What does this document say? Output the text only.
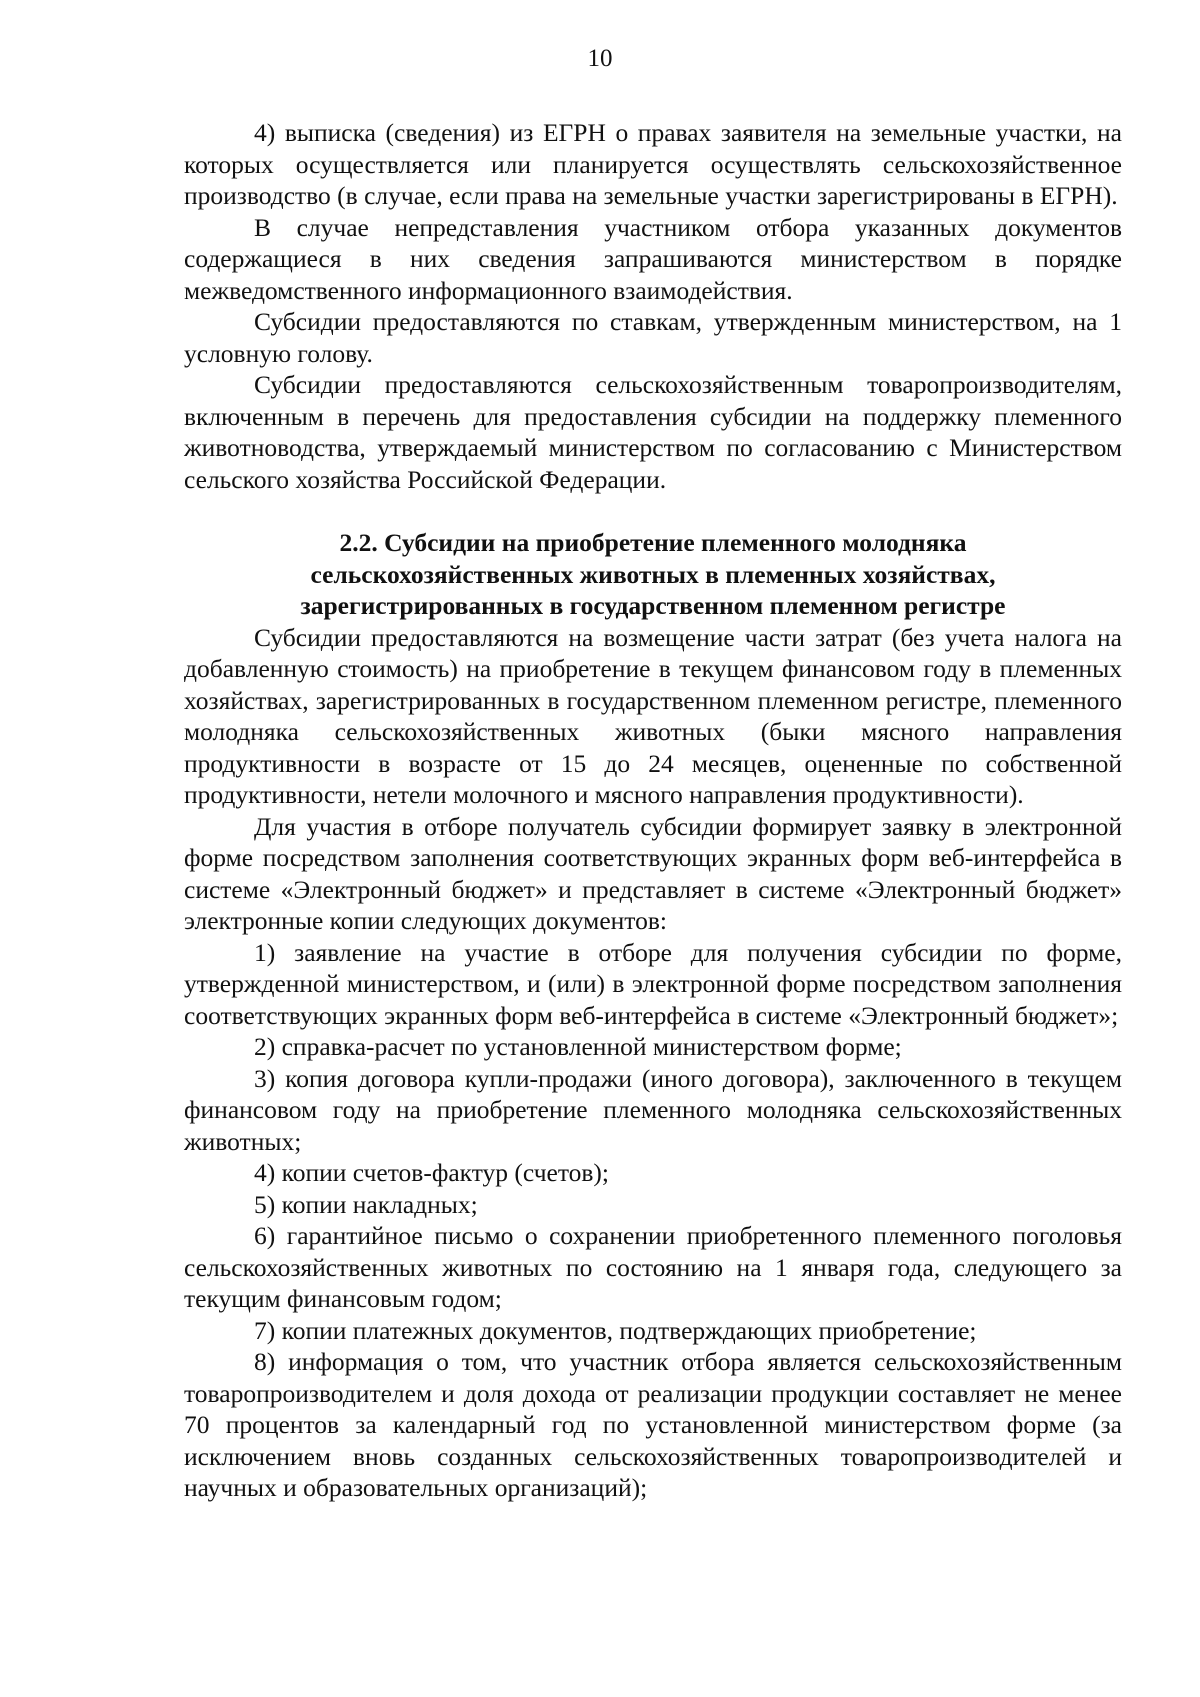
10

4) выписка (сведения) из ЕГРН о правах заявителя на земельные участки, на которых осуществляется или планируется осуществлять сельскохозяйственное производство (в случае, если права на земельные участки зарегистрированы в ЕГРН).

В случае непредставления участником отбора указанных документов содержащиеся в них сведения запрашиваются министерством в порядке межведомственного информационного взаимодействия.

Субсидии предоставляются по ставкам, утвержденным министерством, на 1 условную голову.

Субсидии предоставляются сельскохозяйственным товаропроизводителям, включенным в перечень для предоставления субсидии на поддержку племенного животноводства, утверждаемый министерством по согласованию с Министерством сельского хозяйства Российской Федерации.

2.2. Субсидии на приобретение племенного молодняка
сельскохозяйственных животных в племенных хозяйствах,
зарегистрированных в государственном племенном регистре

Субсидии предоставляются на возмещение части затрат (без учета налога на добавленную стоимость) на приобретение в текущем финансовом году в племенных хозяйствах, зарегистрированных в государственном племенном регистре, племенного молодняка сельскохозяйственных животных (быки мясного направления продуктивности в возрасте от 15 до 24 месяцев, оцененные по собственной продуктивности, нетели молочного и мясного направления продуктивности).

Для участия в отборе получатель субсидии формирует заявку в электронной форме посредством заполнения соответствующих экранных форм веб-интерфейса в системе «Электронный бюджет» и представляет в системе «Электронный бюджет» электронные копии следующих документов:

1) заявление на участие в отборе для получения субсидии по форме, утвержденной министерством, и (или) в электронной форме посредством заполнения соответствующих экранных форм веб-интерфейса в системе «Электронный бюджет»;

2) справка-расчет по установленной министерством форме;

3) копия договора купли-продажи (иного договора), заключенного в текущем финансовом году на приобретение племенного молодняка сельскохозяйственных животных;

4) копии счетов-фактур (счетов);

5) копии накладных;

6) гарантийное письмо о сохранении приобретенного племенного поголовья сельскохозяйственных животных по состоянию на 1 января года, следующего за текущим финансовым годом;

7) копии платежных документов, подтверждающих приобретение;

8) информация о том, что участник отбора является сельскохозяйственным товаропроизводителем и доля дохода от реализации продукции составляет не менее 70 процентов за календарный год по установленной министерством форме (за исключением вновь созданных сельскохозяйственных товаропроизводителей и научных и образовательных организаций);
